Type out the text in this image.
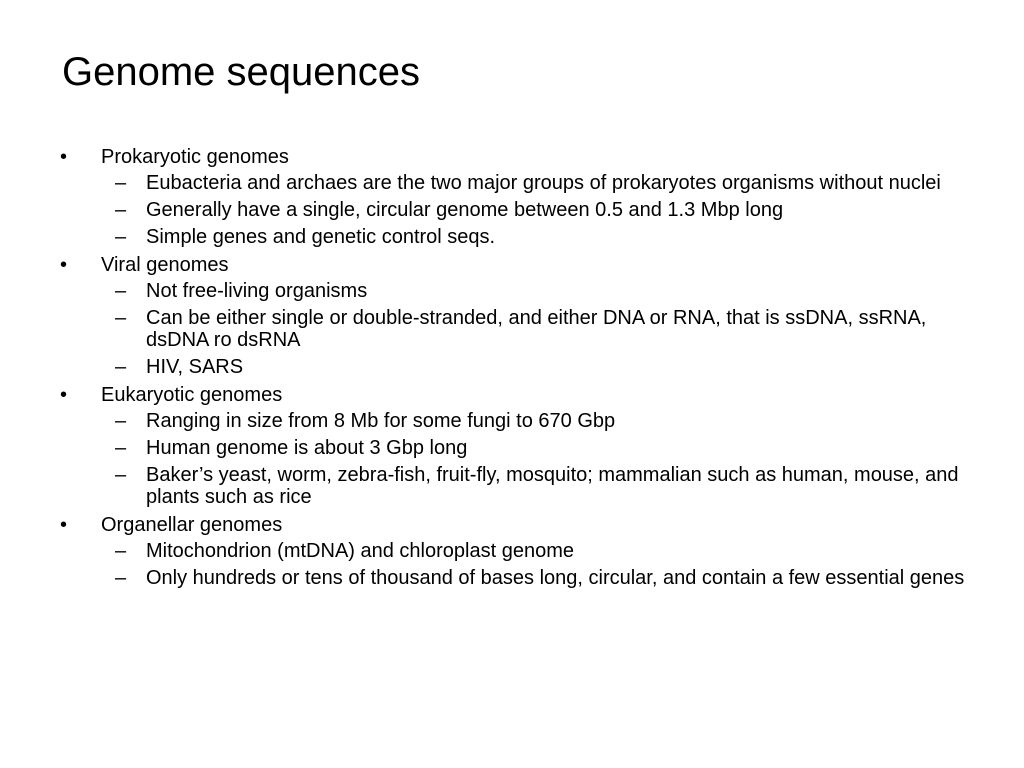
Genome sequences
• Prokaryotic genomes
– Eubacteria and archaes are the two major groups of prokaryotes organisms without nuclei
– Generally have a single, circular genome between 0.5 and 1.3 Mbp long
– Simple genes and genetic control seqs.
• Viral genomes
– Not free-living organisms
– Can be either single or double-stranded, and either DNA or RNA, that is ssDNA, ssRNA, dsDNA ro dsRNA
– HIV, SARS
• Eukaryotic genomes
– Ranging in size from 8 Mb for some fungi to 670 Gbp
– Human genome is about 3 Gbp long
– Baker’s yeast, worm, zebra-fish, fruit-fly, mosquito; mammalian such as human, mouse, and plants such as rice
• Organellar genomes
– Mitochondrion (mtDNA) and chloroplast genome
– Only hundreds or tens of thousand of bases long, circular, and contain a few essential genes
